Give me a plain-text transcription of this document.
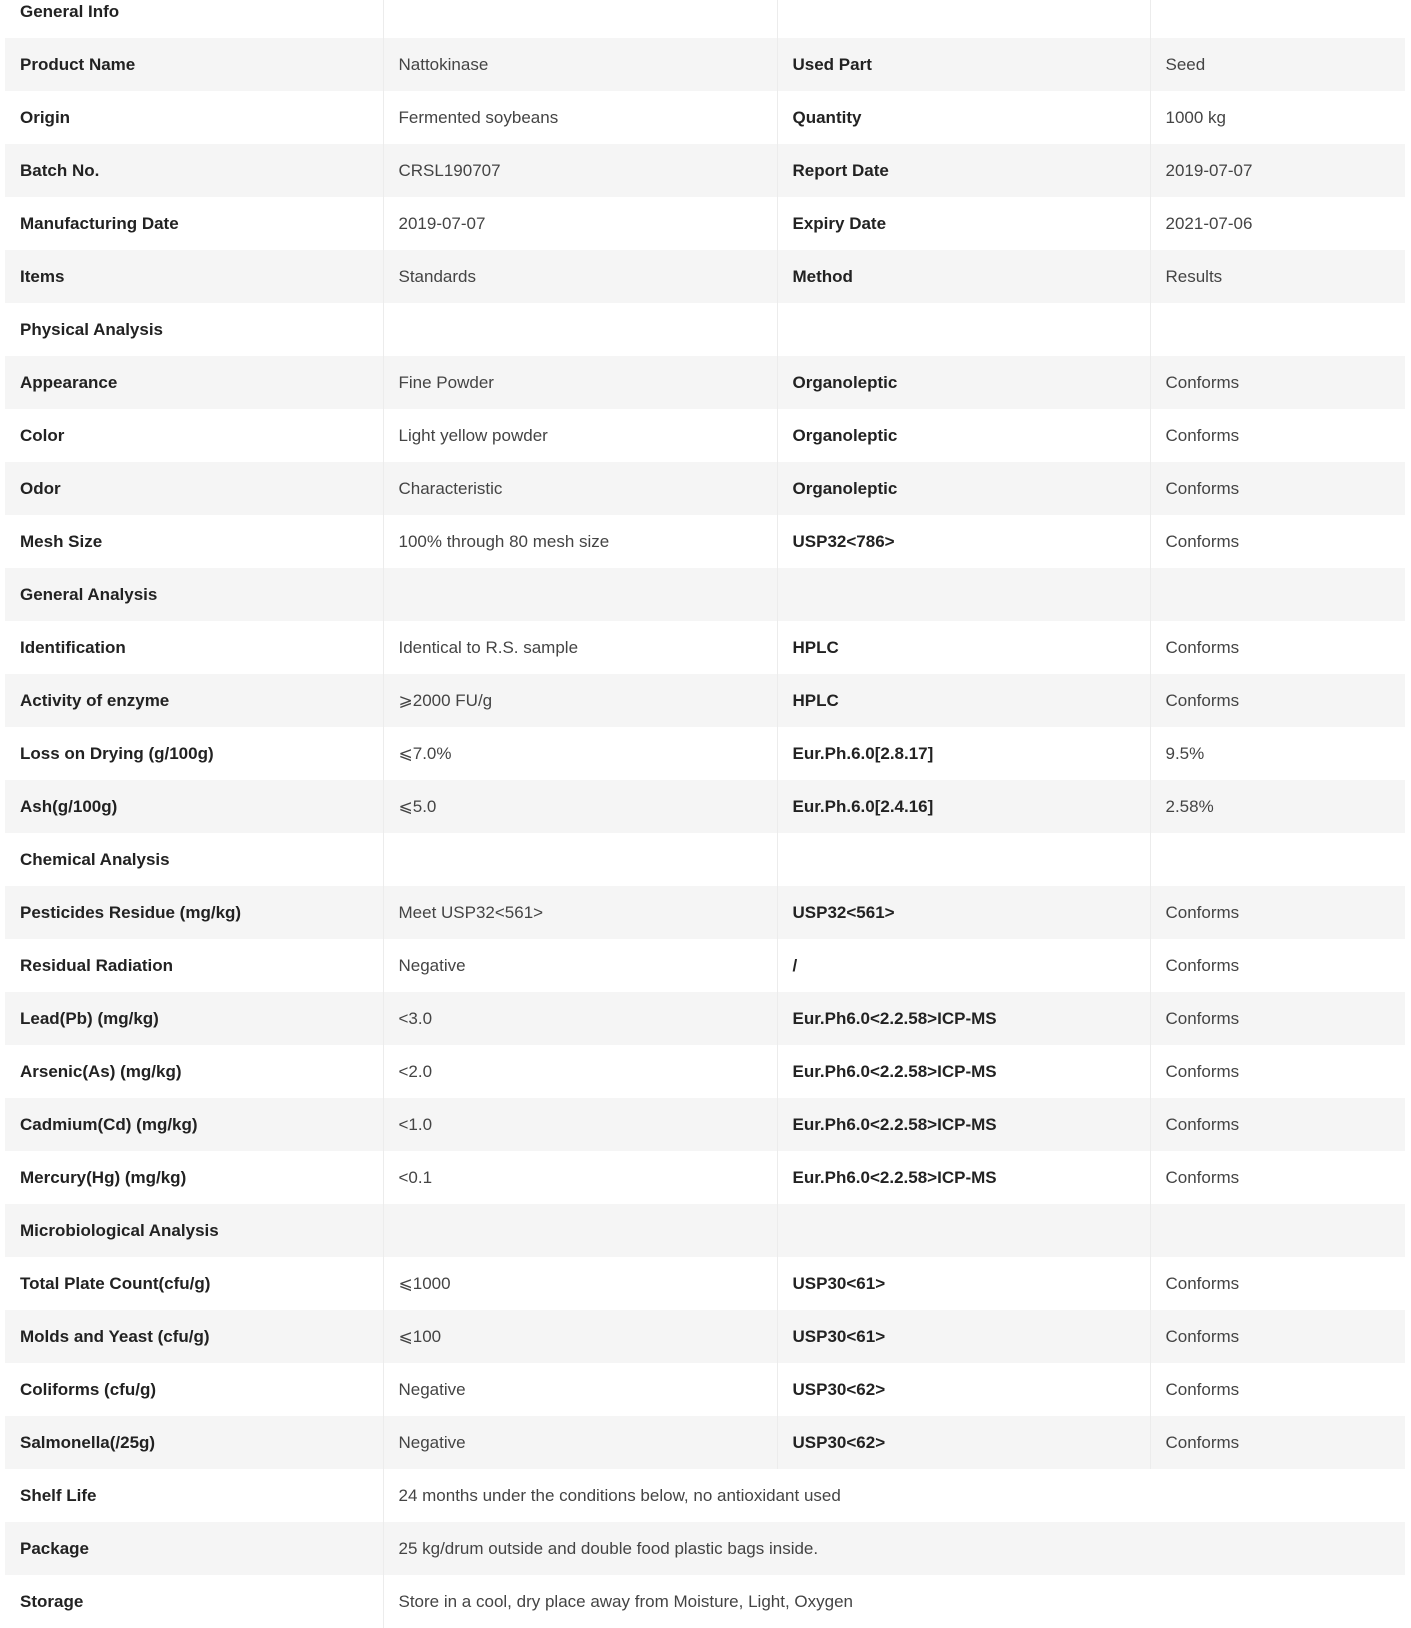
General Info			
Product Name	Nattokinase	Used Part	Seed
Origin	Fermented soybeans	Quantity	1000 kg
Batch No.	CRSL190707	Report Date	2019-07-07
Manufacturing Date	2019-07-07	Expiry Date	2021-07-06
Items	Standards	Method	Results
Physical Analysis			
Appearance	Fine Powder	Organoleptic	Conforms
Color	Light yellow powder	Organoleptic	Conforms
Odor	Characteristic	Organoleptic	Conforms
Mesh Size	100% through 80 mesh size	USP32<786>	Conforms
General Analysis			
Identification	Identical to R.S. sample	HPLC	Conforms
Activity of enzyme	⩾2000 FU/g	HPLC	Conforms
Loss on Drying (g/100g)	⩽7.0%	Eur.Ph.6.0[2.8.17]	9.5%
Ash(g/100g)	⩽5.0	Eur.Ph.6.0[2.4.16]	2.58%
Chemical Analysis			
Pesticides Residue (mg/kg)	Meet USP32<561>	USP32<561>	Conforms
Residual Radiation	Negative	/	Conforms
Lead(Pb) (mg/kg)	<3.0	Eur.Ph6.0<2.2.58>ICP-MS	Conforms
Arsenic(As) (mg/kg)	<2.0	Eur.Ph6.0<2.2.58>ICP-MS	Conforms
Cadmium(Cd) (mg/kg)	<1.0	Eur.Ph6.0<2.2.58>ICP-MS	Conforms
Mercury(Hg) (mg/kg)	<0.1	Eur.Ph6.0<2.2.58>ICP-MS	Conforms
Microbiological Analysis			
Total Plate Count(cfu/g)	⩽1000	USP30<61>	Conforms
Molds and Yeast (cfu/g)	⩽100	USP30<61>	Conforms
Coliforms (cfu/g)	Negative	USP30<62>	Conforms
Salmonella(/25g)	Negative	USP30<62>	Conforms
Shelf Life	24 months under the conditions below, no antioxidant used		
Package	25 kg/drum outside and double food plastic bags inside.		
Storage	Store in a cool, dry place away from Moisture, Light, Oxygen		
